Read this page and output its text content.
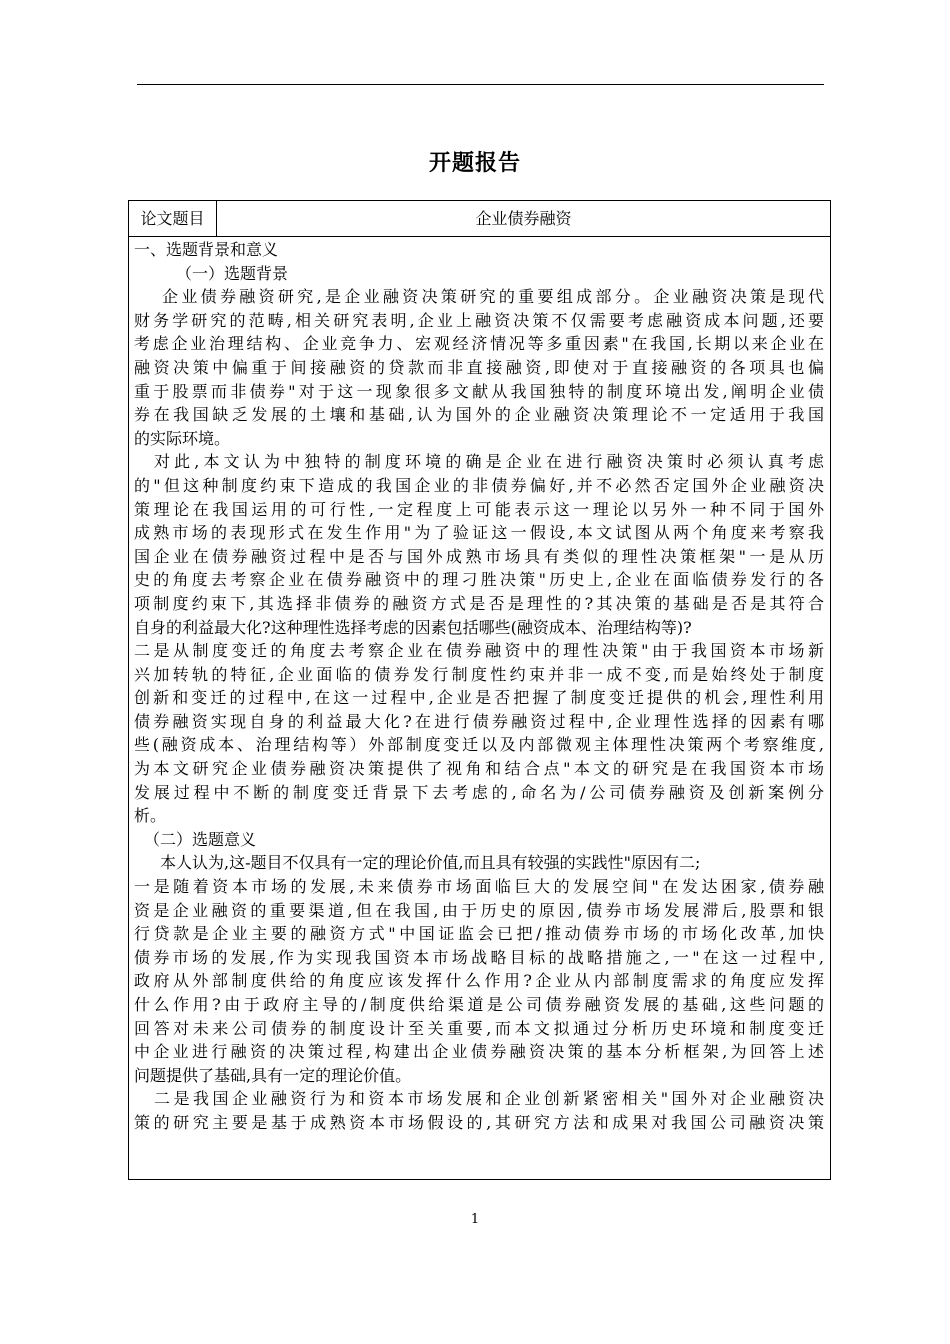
开题报告
论文题目	企业债券融资
一、选题背景和意义
（一）选题背景
企业债券融资研究,是企业融资决策研究的重要组成部分。企业融资决策是现代
财务学研究的范畴,相关研究表明,企业上融资决策不仅需要考虑融资成本问题,还要
考虑企业治理结构、企业竞争力、宏观经济情况等多重因素"在我国,长期以来企业在
融资决策中偏重于间接融资的贷款而非直接融资,即使对于直接融资的各项具也偏
重于股票而非债券"对于这一现象很多文献从我国独特的制度环境出发,阐明企业债
券在我国缺乏发展的土壤和基础,认为国外的企业融资决策理论不一定适用于我国
的实际环境。
对此,本文认为中独特的制度环境的确是企业在进行融资决策时必须认真考虑
的"但这种制度约束下造成的我国企业的非债券偏好,并不必然否定国外企业融资决
策理论在我国运用的可行性,一定程度上可能表示这一理论以另外一种不同于国外
成熟市场的表现形式在发生作用"为了验证这一假设,本文试图从两个角度来考察我
国企业在债券融资过程中是否与国外成熟市场具有类似的理性决策框架"一是从历
史的角度去考察企业在债券融资中的理刁胜决策"历史上,企业在面临债券发行的各
项制度约束下,其选择非债券的融资方式是否是理性的?其决策的基础是否是其符合
自身的利益最大化?这种理性选择考虑的因素包括哪些(融资成本、治理结构等)?
二是从制度变迁的角度去考察企业在债券融资中的理性决策"由于我国资本市场新
兴加转轨的特征,企业面临的债券发行制度性约束并非一成不变,而是始终处于制度
创新和变迁的过程中,在这一过程中,企业是否把握了制度变迁提供的机会,理性利用
债券融资实现自身的利益最大化?在进行债券融资过程中,企业理性选择的因素有哪
些(融资成本、治理结构等）外部制度变迁以及内部微观主体理性决策两个考察维度,
为本文研究企业债券融资决策提供了视角和结合点"本文的研究是在我国资本市场
发展过程中不断的制度变迁背景下去考虑的,命名为/公司债券融资及创新案例分
析。
（二）选题意义
本人认为,这-题目不仅具有一定的理论价值,而且具有较强的实践性"原因有二;
一是随着资本市场的发展,未来债券市场面临巨大的发展空间"在发达困家,债券融
资是企业融资的重要渠道,但在我国,由于历史的原因,债券市场发展滞后,股票和银
行贷款是企业主要的融资方式"中国证监会已把/推动债券市场的市场化改革,加快
债券市场的发展,作为实现我国资本市场战略目标的战略措施之,一"在这一过程中,
政府从外部制度供给的角度应该发挥什么作用?企业从内部制度需求的角度应发挥
什么作用?由于政府主导的/制度供给渠道是公司债券融资发展的基础,这些问题的
回答对未来公司债券的制度设计至关重要,而本文拟通过分析历史环境和制度变迁
中企业进行融资的决策过程,构建出企业债券融资决策的基本分析框架,为回答上述
问题提供了基础,具有一定的理论价值。
二是我国企业融资行为和资本市场发展和企业创新紧密相关"国外对企业融资决
策的研究主要是基于成熟资本市场假设的,其研究方法和成果对我国公司融资决策
1
